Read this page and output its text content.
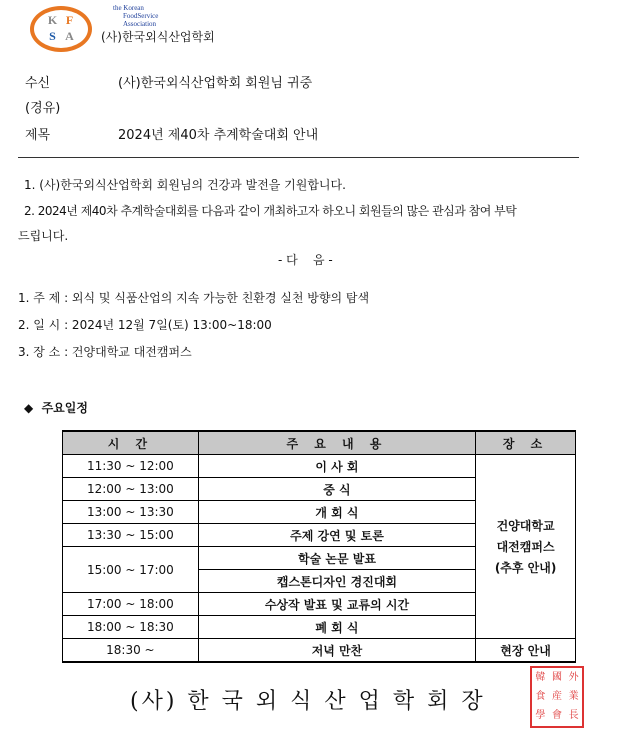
K F
S A
the Korean
FoodService
Association
(사)한국외식산업학회
수신	(사)한국외식산업학회 회원님 귀중
(경유)
제목	2024년 제40차 추계학술대회 안내
1. (사)한국외식산업학회 회원님의 건강과 발전을 기원합니다.
2. 2024년 제40차 추계학술대회를 다음과 같이 개최하고자 하오니 회원들의 많은 관심과 참여 부탁
드립니다.
- 다    음 -
1. 주 제 : 외식 및 식품산업의 지속 가능한 친환경 실천 방향의 탐색
2. 일 시 : 2024년 12월 7일(토) 13:00~18:00
3. 장 소 : 건양대학교 대전캠퍼스
◆  주요일정
시 간	주 요 내 용	장 소
11:30 ~ 12:00	이 사 회	건양대학교
대전캠퍼스
(추후 안내)

12:00 ~ 13:00	중 식	
13:00 ~ 13:30	개 회 식	
13:30 ~ 15:00	주제 강연 및 토론	
15:00 ~ 17:00	학술 논문 발표	
	캡스톤디자인 경진대회	
17:00 ~ 18:00	수상작 발표 및 교류의 시간	
18:00 ~ 18:30	폐 회 식	
18:30 ~	저녁 만찬	현장 안내
(사) 한 국 외 식 산 업 학 회 장
韓 國 外
食 産 業
學 會 長
